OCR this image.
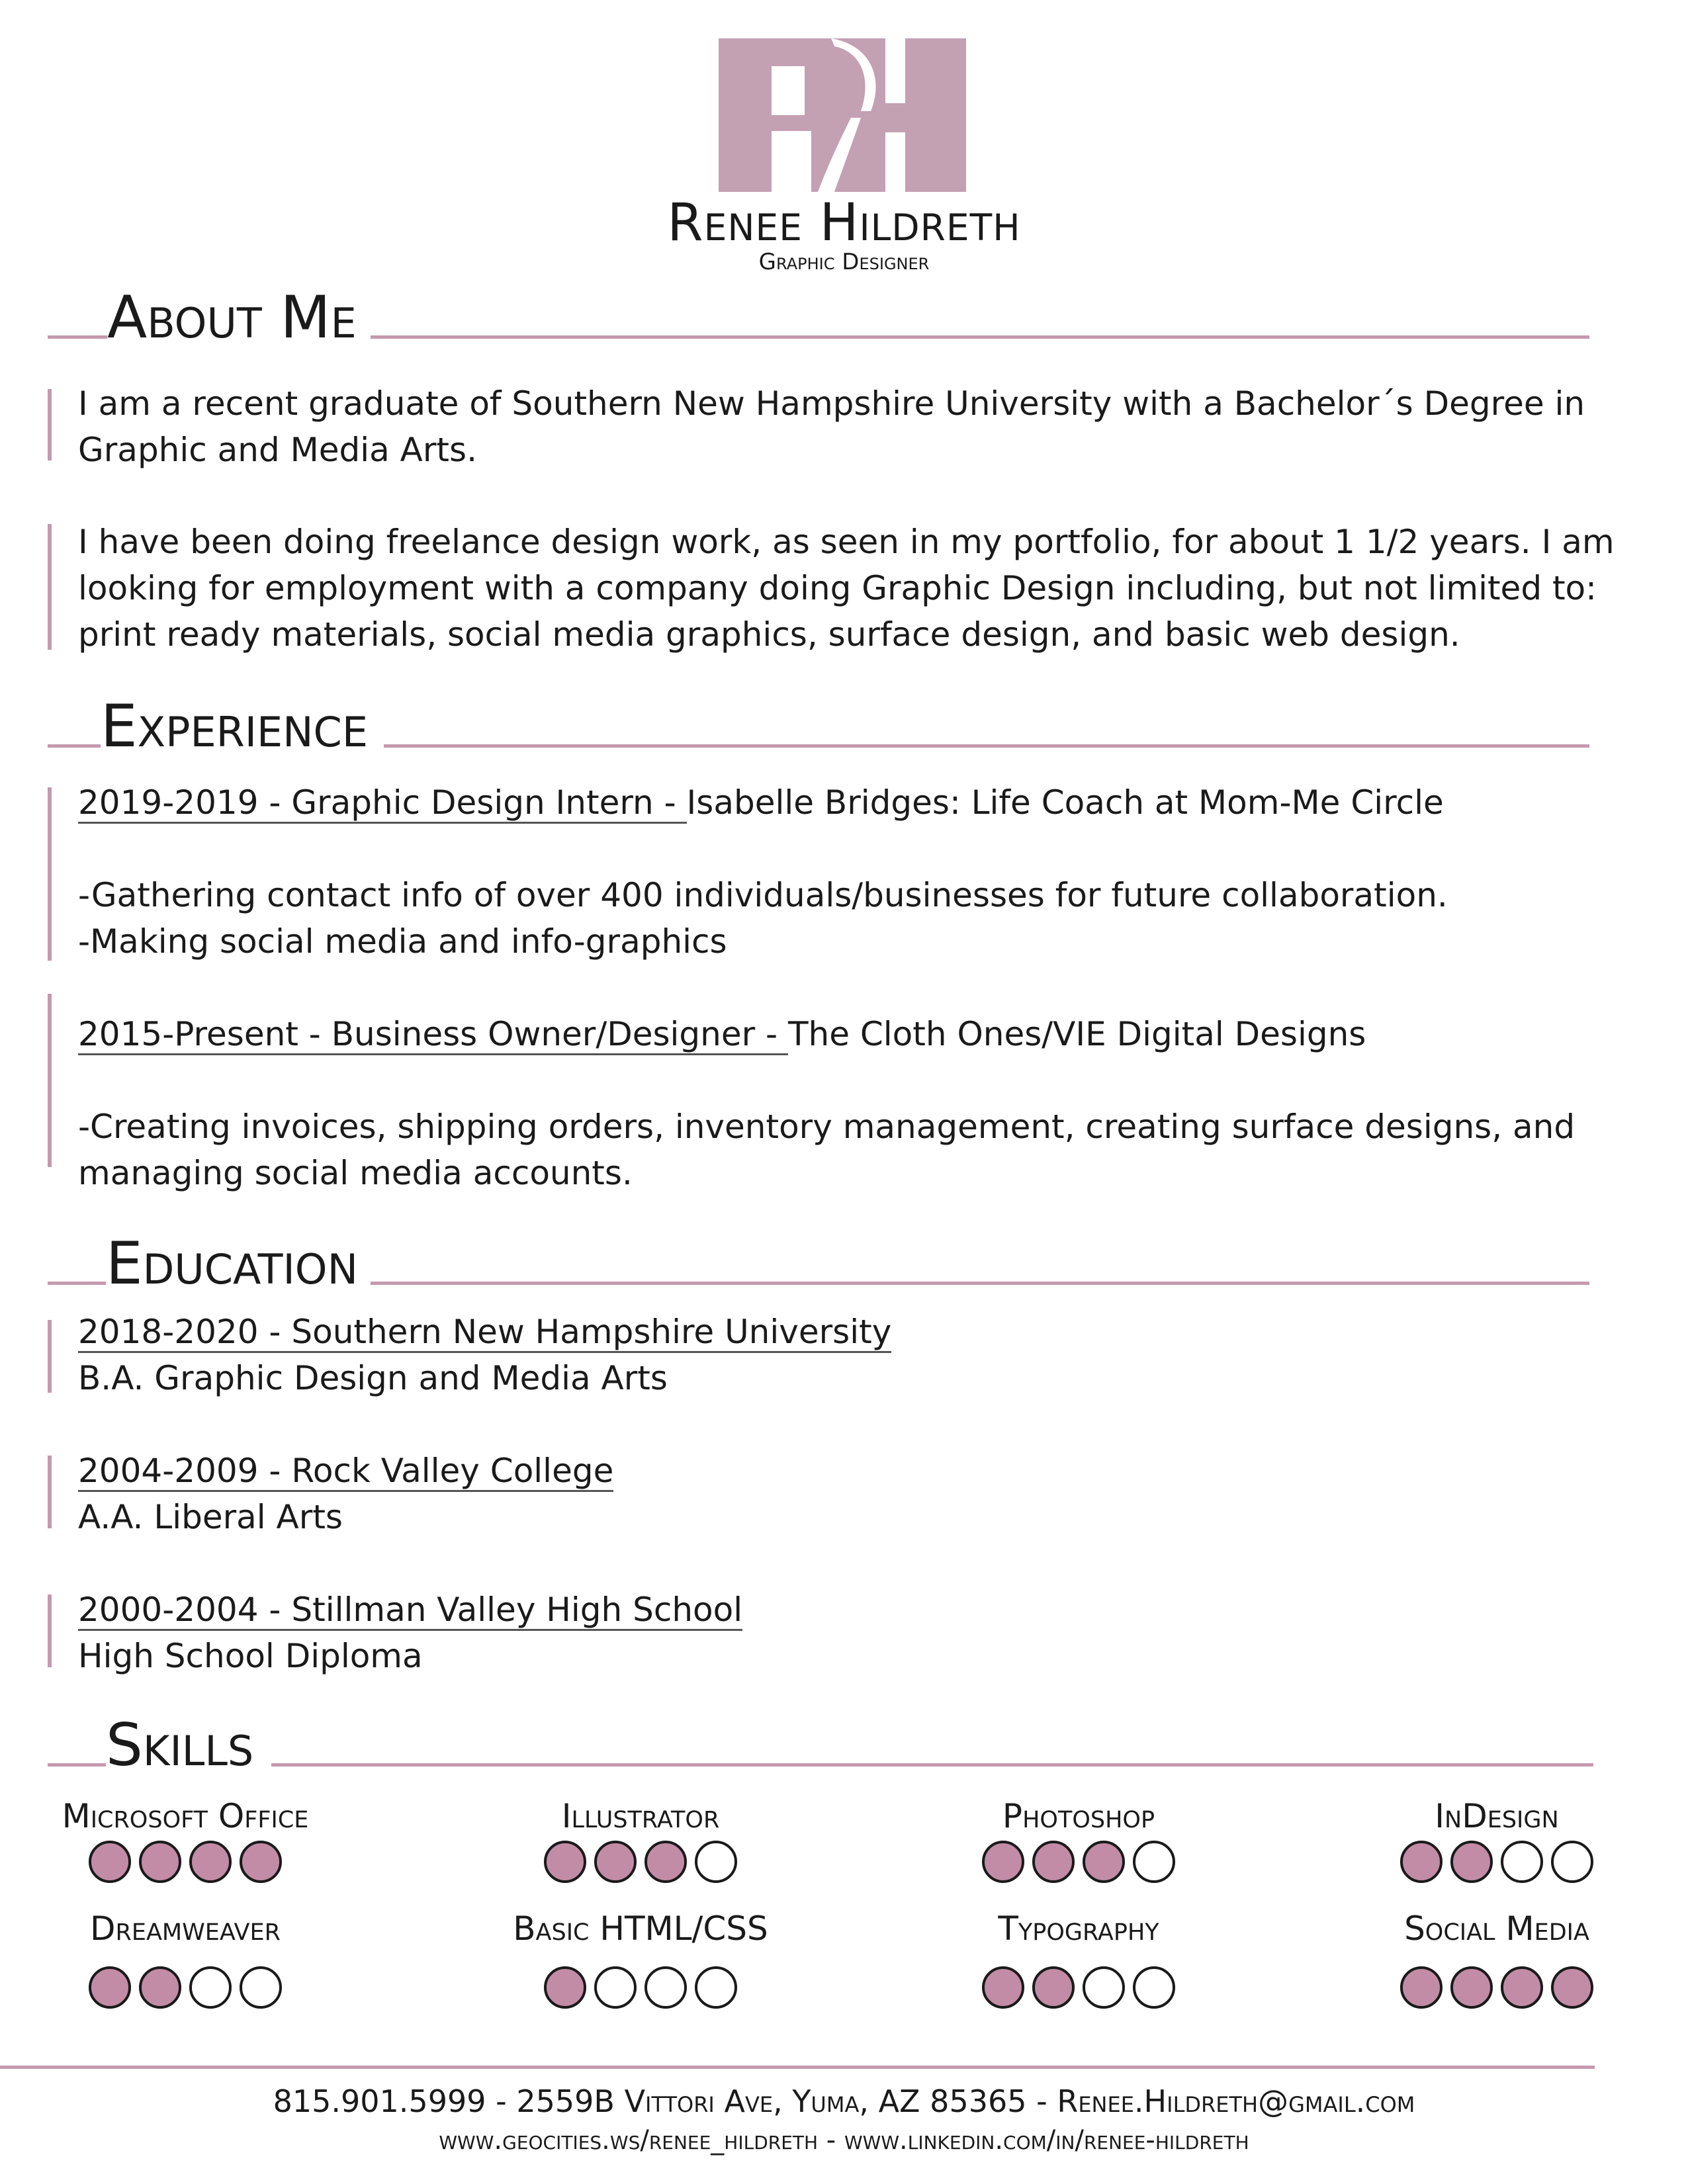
Renee Hildreth
Graphic Designer
About Me
I am a recent graduate of Southern New Hampshire University with a Bachelor´s Degree in
Graphic and Media Arts.
I have been doing freelance design work, as seen in my portfolio, for about 1 1/2 years. I am
looking for employment with a company doing Graphic Design including, but not limited to:
print ready materials, social media graphics, surface design, and basic web design.
Experience
2019-2019 - Graphic Design Intern - Isabelle Bridges: Life Coach at Mom-Me Circle
-Gathering contact info of over 400 individuals/businesses for future collaboration.
-Making social media and info-graphics
2015-Present - Business Owner/Designer - The Cloth Ones/VIE Digital Designs
-Creating invoices, shipping orders, inventory management, creating surface designs, and
managing social media accounts.
Education
2018-2020 - Southern New Hampshire University
B.A. Graphic Design and Media Arts
2004-2009 - Rock Valley College
A.A. Liberal Arts
2000-2004 - Stillman Valley High School
High School Diploma
Skills
Microsoft Office	Illustrator	Photoshop	InDesign
Dreamweaver	Basic HTML/CSS	Typography	Social Media
815.901.5999 - 2559B Vittori Ave, Yuma, AZ 85365 - Renee.Hildreth@gmail.com
www.geocities.ws/renee_hildreth - www.linkedin.com/in/renee-hildreth
